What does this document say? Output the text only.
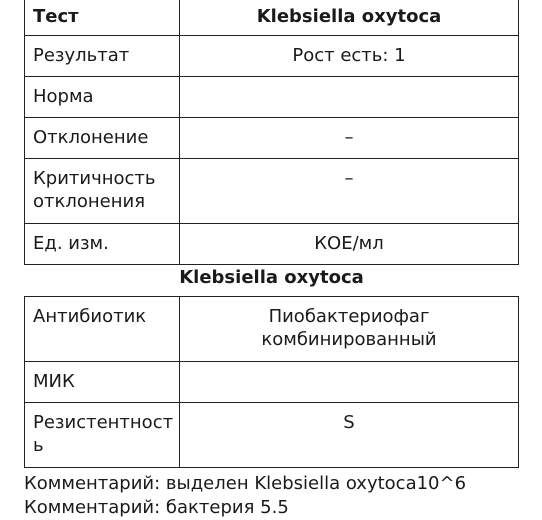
Тест	Klebsiella oxytoca
Результат	Рост есть: 1
Норма	
Отклонение	–
Критичность отклонения	–
Ед. изм.	КОЕ/мл
Klebsiella oxytoca
Антибиотик	Пиобактериофаг комбинированный
МИК	
Резистентность	S
Комментарий: выделен Klebsiella oxytoca10^6
Комментарий: бактерия 5.5
